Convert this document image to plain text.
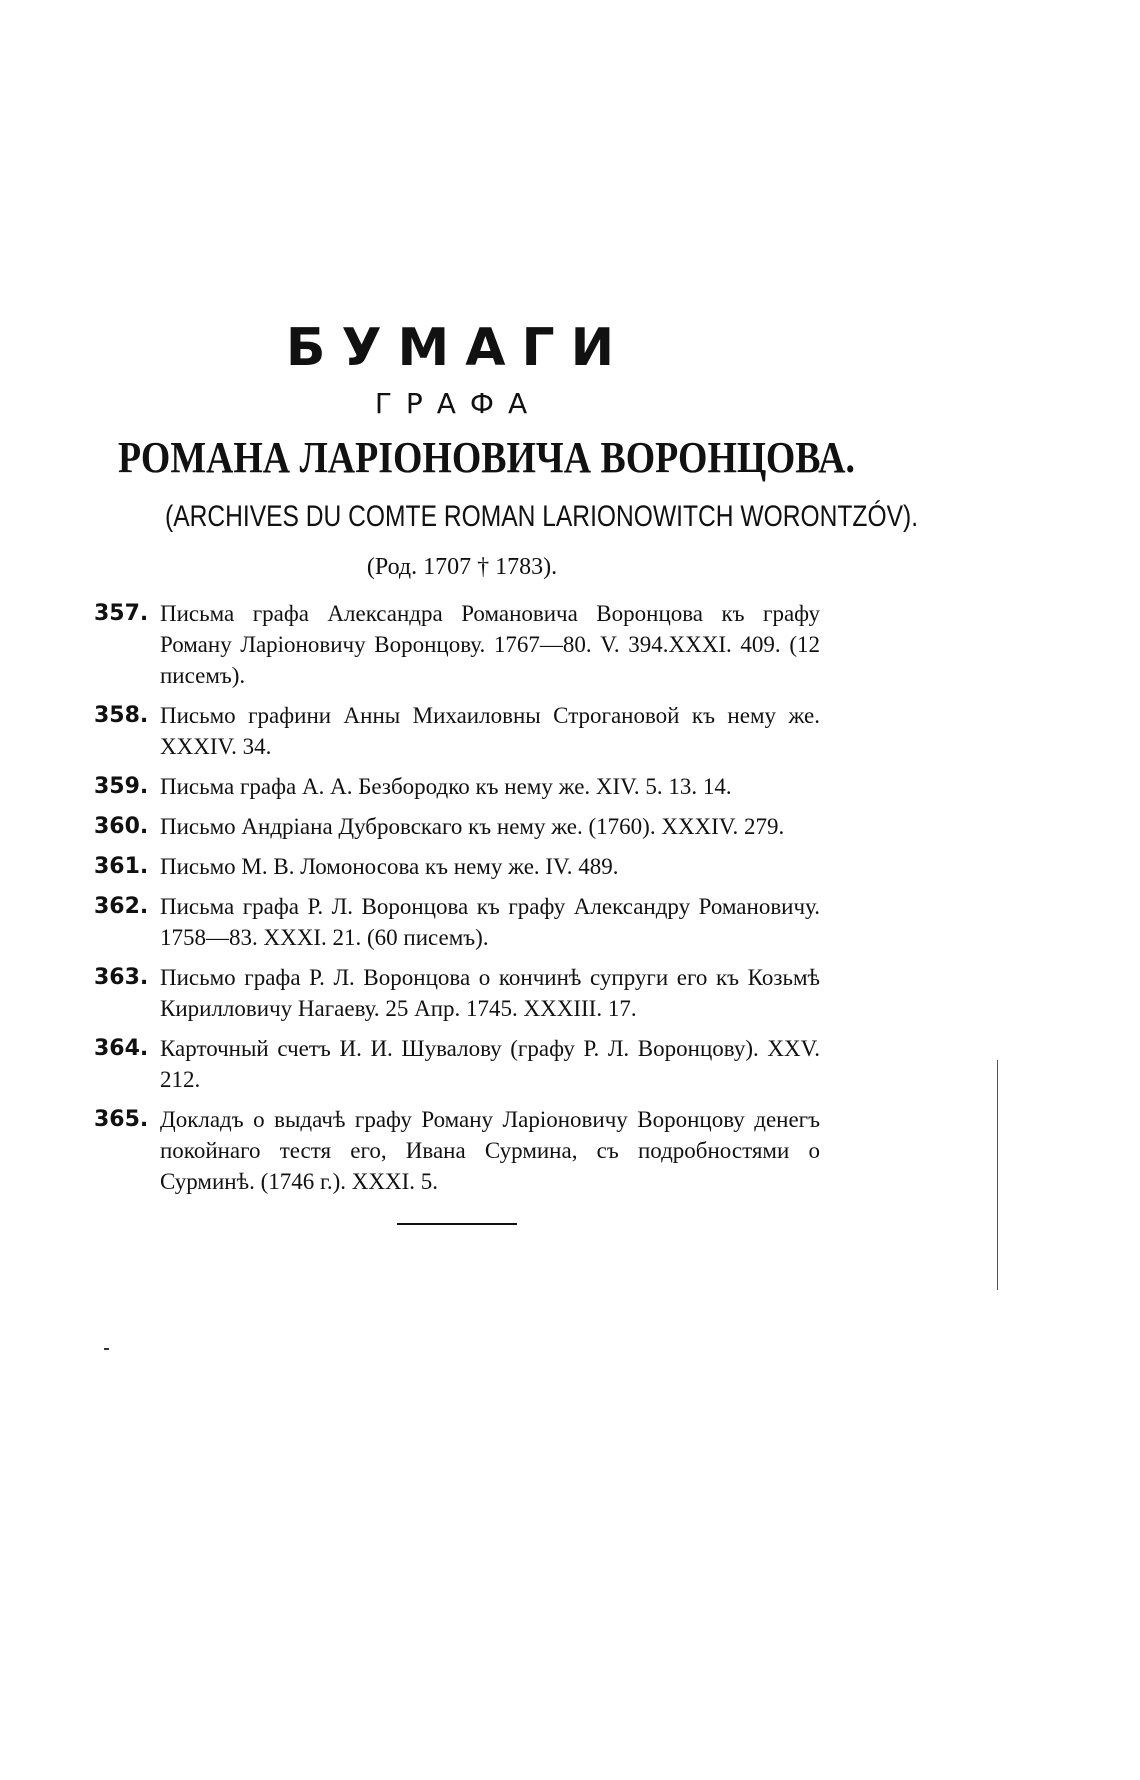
БУМАГИ
ГРАФА
РОМАНА ЛАРІОНОВИЧА ВОРОНЦОВА.
(ARCHIVES DU COMTE ROMAN LARIONOWITCH WORONTZÓV).
(Род. 1707 † 1783).
357. Письма графа Александра Романовича Воронцова къ графу Роману Ларіоновичу Воронцову. 1767—80. V. 394.XXXI. 409. (12 писемъ).
358. Письмо графини Анны Михаиловны Строгановой къ нему же. XXXIV. 34.
359. Письма графа А. А. Безбородко къ нему же. XIV. 5. 13. 14.
360. Письмо Андріана Дубровскаго къ нему же. (1760). XXXIV. 279.
361. Письмо М. В. Ломоносова къ нему же. IV. 489.
362. Письма графа Р. Л. Воронцова къ графу Александру Романовичу. 1758—83. XXXI. 21. (60 писемъ).
363. Письмо графа Р. Л. Воронцова о кончинѣ супруги его къ Козьмѣ Кирилловичу Нагаеву. 25 Апр. 1745. XXXIII. 17.
364. Карточный счетъ И. И. Шувалову (графу Р. Л. Воронцову). XXV. 212.
365. Докладъ о выдачѣ графу Роману Ларіоновичу Воронцову денегъ покойнаго тестя его, Ивана Сурмина, съ подробностями о Сурминѣ. (1746 г.). XXXI. 5.
